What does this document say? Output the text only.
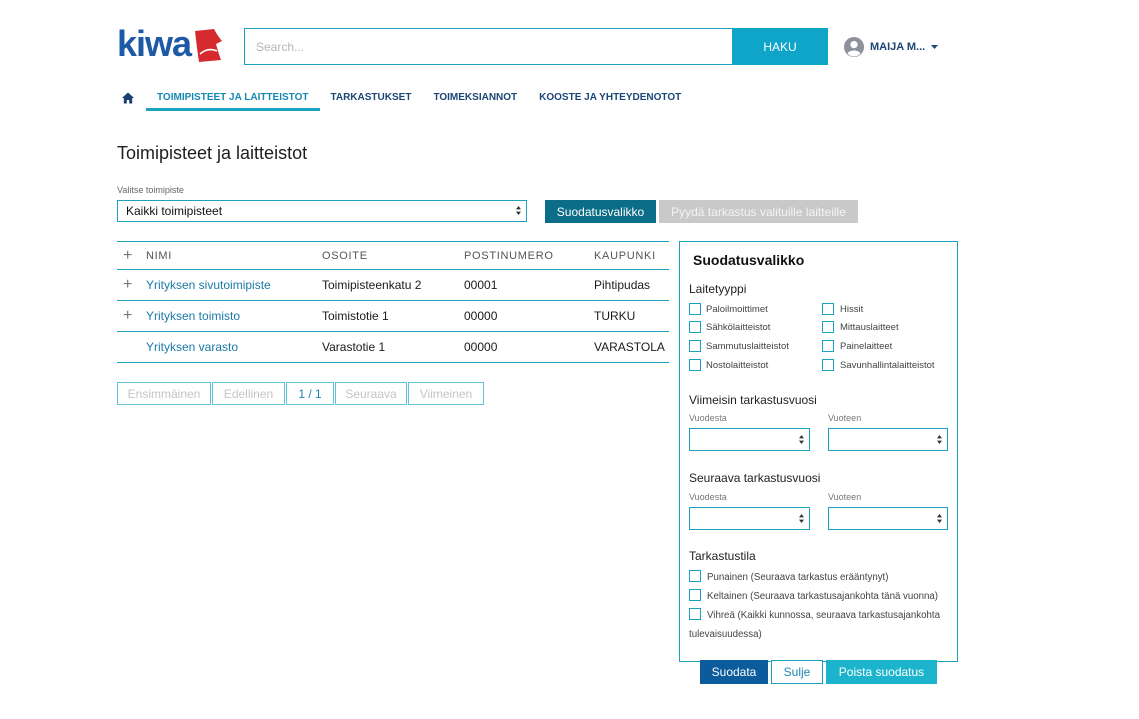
kiwa
Search...	HAKU	MAIJA M...
TOIMIPISTEET JA LAITTEISTOT	TARKASTUKSET	TOIMEKSIANNOT	KOOSTE JA YHTEYDENOTOT
Toimipisteet ja laitteistot
Valitse toimipiste
Kaikki toimipisteet	Suodatusvalikko	Pyydä tarkastus valituille laitteille
+	NIMI	OSOITE	POSTINUMERO	KAUPUNKI
+	Yrityksen sivutoimipiste	Toimipisteenkatu 2	00001	Pihtipudas
+	Yrityksen toimisto	Toimistotie 1	00000	TURKU
Yrityksen varasto	Varastotie 1	00000	VARASTOLA
Ensimmäinen	Edellinen	1 / 1	Seuraava	Viimeinen
Suodatusvalikko
Laitetyyppi
Paloilmoittimet
Sähkölaitteistot
Sammutuslaitteistot
Nostolaitteistot
Hissit
Mittauslaitteet
Painelaitteet
Savunhallintalaitteistot
Viimeisin tarkastusvuosi
Vuodesta	Vuoteen
Seuraava tarkastusvuosi
Vuodesta	Vuoteen
Tarkastustila
Punainen (Seuraava tarkastus erääntynyt)
Keltainen (Seuraava tarkastusajankohta tänä vuonna)
Vihreä (Kaikki kunnossa, seuraava tarkastusajankohta tulevaisuudessa)
Suodata	Sulje	Poista suodatus
